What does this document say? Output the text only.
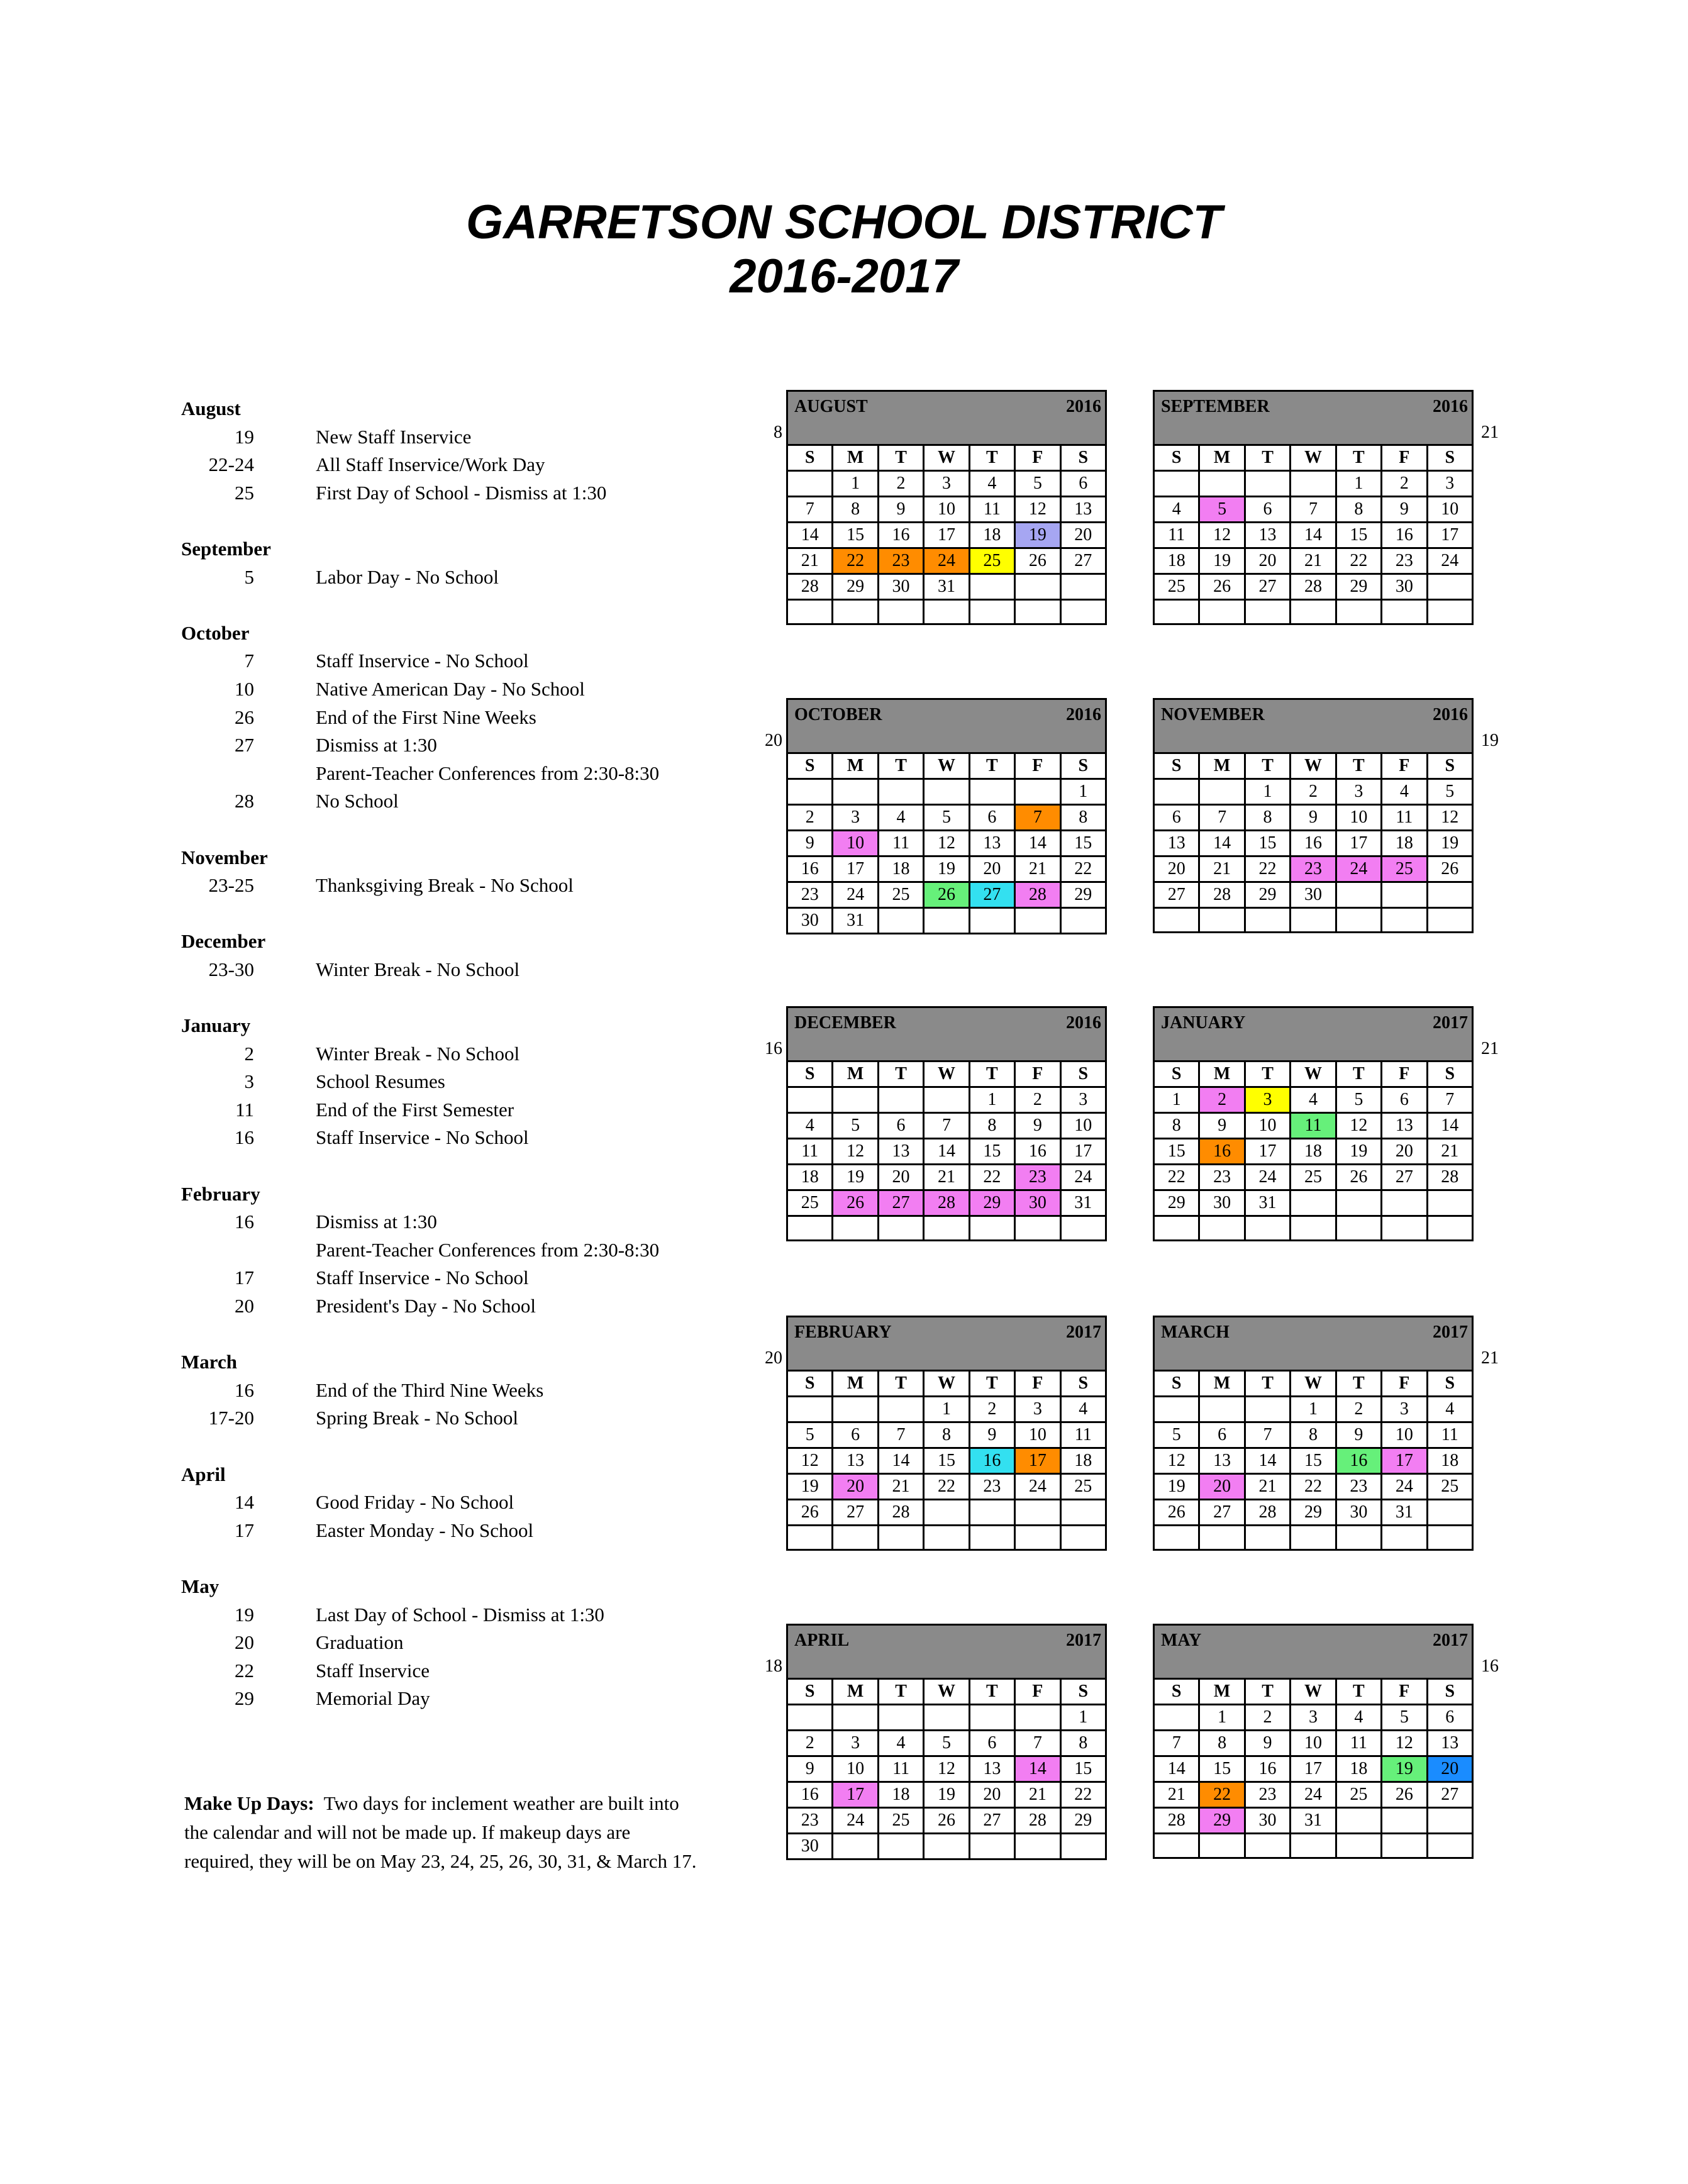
GARRETSON SCHOOL DISTRICT
2016-2017
August
19	New Staff Inservice
22-24	All Staff Inservice/Work Day
25	First Day of School - Dismiss at 1:30
September
5	Labor Day - No School
October
7	Staff Inservice - No School
10	Native American Day - No School
26	End of the First Nine Weeks
27	Dismiss at 1:30
Parent-Teacher Conferences from 2:30-8:30
28	No School
November
23-25	Thanksgiving Break - No School
December
23-30	Winter Break - No School
January
2	Winter Break - No School
3	School Resumes
11	End of the First Semester
16	Staff Inservice - No School
February
16	Dismiss at 1:30
Parent-Teacher Conferences from 2:30-8:30
17	Staff Inservice - No School
20	President's Day - No School
March
16	End of the Third Nine Weeks
17-20	Spring Break - No School
April
14	Good Friday - No School
17	Easter Monday - No School
May
19	Last Day of School - Dismiss at 1:30
20	Graduation
22	Staff Inservice
29	Memorial Day
Make Up Days: Two days for inclement weather are built into
the calendar and will not be made up. If makeup days are
required, they will be on May 23, 24, 25, 26, 30, 31, & March 17.
AUGUST	2016
S	M	T	W	T	F	S
	1	2	3	4	5	6
7	8	9	10	11	12	13
14	15	16	17	18	19	20
21	22	23	24	25	26	27
28	29	30	31			

8
SEPTEMBER	2016
S	M	T	W	T	F	S
				1	2	3
4	5	6	7	8	9	10
11	12	13	14	15	16	17
18	19	20	21	22	23	24
25	26	27	28	29	30	

21
OCTOBER	2016
S	M	T	W	T	F	S
						1
2	3	4	5	6	7	8
9	10	11	12	13	14	15
16	17	18	19	20	21	22
23	24	25	26	27	28	29
30	31					
20
NOVEMBER	2016
S	M	T	W	T	F	S
		1	2	3	4	5
6	7	8	9	10	11	12
13	14	15	16	17	18	19
20	21	22	23	24	25	26
27	28	29	30			

19
DECEMBER	2016
S	M	T	W	T	F	S
				1	2	3
4	5	6	7	8	9	10
11	12	13	14	15	16	17
18	19	20	21	22	23	24
25	26	27	28	29	30	31

16
JANUARY	2017
S	M	T	W	T	F	S
1	2	3	4	5	6	7
8	9	10	11	12	13	14
15	16	17	18	19	20	21
22	23	24	25	26	27	28
29	30	31				

21
FEBRUARY	2017
S	M	T	W	T	F	S
			1	2	3	4
5	6	7	8	9	10	11
12	13	14	15	16	17	18
19	20	21	22	23	24	25
26	27	28				

20
MARCH	2017
S	M	T	W	T	F	S
			1	2	3	4
5	6	7	8	9	10	11
12	13	14	15	16	17	18
19	20	21	22	23	24	25
26	27	28	29	30	31	

21
APRIL	2017
S	M	T	W	T	F	S
						1
2	3	4	5	6	7	8
9	10	11	12	13	14	15
16	17	18	19	20	21	22
23	24	25	26	27	28	29
30						
18
MAY	2017
S	M	T	W	T	F	S
	1	2	3	4	5	6
7	8	9	10	11	12	13
14	15	16	17	18	19	20
21	22	23	24	25	26	27
28	29	30	31			

16
